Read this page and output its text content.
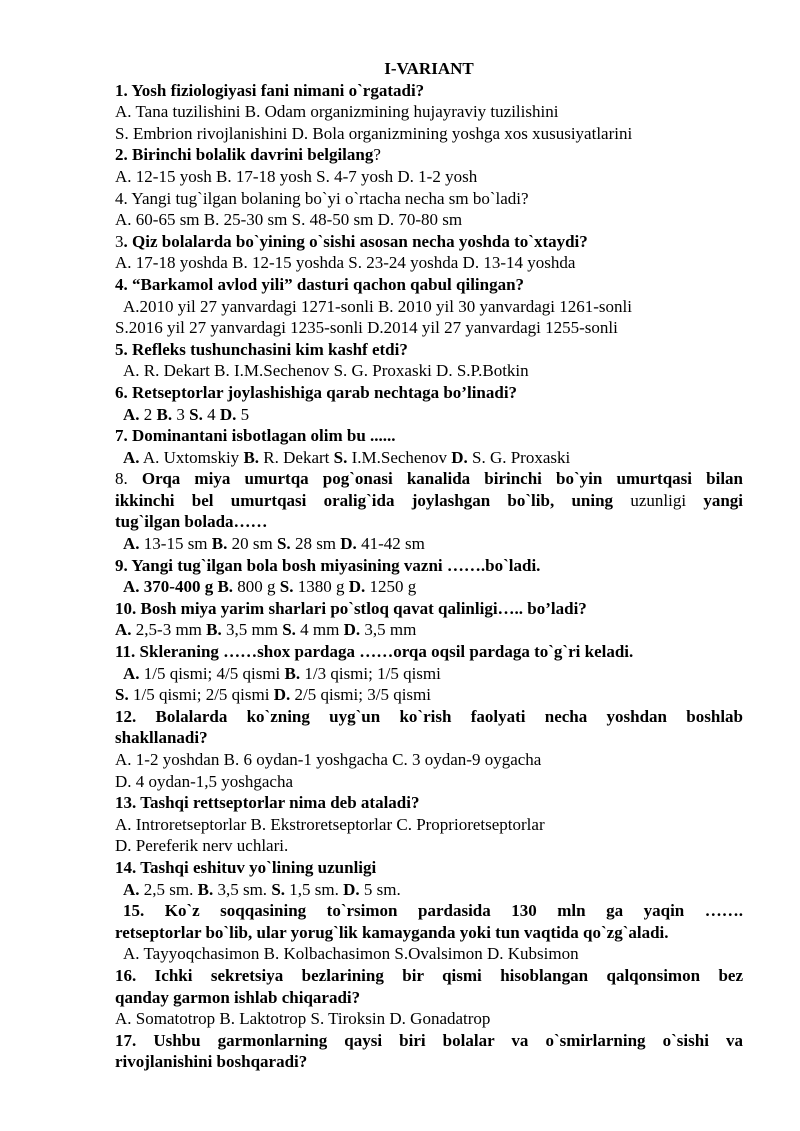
I-VARIANT
1. Yosh fiziologiyasi fani nimani o`rgatadi?
A. Tana tuzilishini B. Odam organizmining hujayraviy tuzilishini
S. Embrion rivojlanishini D. Bola organizmining yoshga xos xususiyatlarini
2. Birinchi bolalik davrini belgilang?
A. 12-15 yosh B. 17-18 yosh S. 4-7 yosh D. 1-2 yosh
4. Yangi tug`ilgan bolaning bo`yi o`rtacha necha sm bo`ladi?
A. 60-65 sm B. 25-30 sm S. 48-50 sm D. 70-80 sm
3. Qiz bolalarda bo`yining o`sishi asosan necha yoshda to`xtaydi?
A. 17-18 yoshda B. 12-15 yoshda S. 23-24 yoshda D. 13-14 yoshda
4. “Barkamol avlod yili” dasturi qachon qabul qilingan?
A.2010 yil 27 yanvardagi 1271-sonli B. 2010 yil 30 yanvardagi 1261-sonli
S.2016 yil 27 yanvardagi 1235-sonli D.2014 yil 27 yanvardagi 1255-sonli
5. Refleks tushunchasini kim kashf etdi?
A. R. Dekart B. I.M.Sechenov S. G. Proxaski D. S.P.Botkin
6. Retseptorlar joylashishiga qarab nechtaga bo’linadi?
A. 2 B. 3 S. 4 D. 5
7. Dominantani isbotlagan olim bu ......
A. A. Uxtomskiy B. R. Dekart S. I.M.Sechenov D. S. G. Proxaski
8. Orqa miya umurtqa pog`onasi kanalida birinchi bo`yin umurtqasi bilan
ikkinchi bel umurtqasi oralig`ida joylashgan bo`lib, uning uzunligi yangi
tug`ilgan bolada……
A. 13-15 sm B. 20 sm S. 28 sm D. 41-42 sm
9. Yangi tug`ilgan bola bosh miyasining vazni …….bo`ladi.
A. 370-400 g B. 800 g S. 1380 g D. 1250 g
10. Bosh miya yarim sharlari po`stloq qavat qalinligi….. bo’ladi?
A. 2,5-3 mm B. 3,5 mm S. 4 mm D. 3,5 mm
11. Skleraning ……shox pardaga ……orqa oqsil pardaga to`g`ri keladi.
A. 1/5 qismi; 4/5 qismi B. 1/3 qismi; 1/5 qismi
S. 1/5 qismi; 2/5 qismi D. 2/5 qismi; 3/5 qismi
12. Bolalarda ko`zning uyg`un ko`rish faolyati necha yoshdan boshlab
shakllanadi?
A. 1-2 yoshdan B. 6 oydan-1 yoshgacha C. 3 oydan-9 oygacha
D. 4 oydan-1,5 yoshgacha
13. Tashqi rettseptorlar nima deb ataladi?
A. Introretseptorlar B. Ekstroretseptorlar C. Proprioretseptorlar
D. Pereferik nerv uchlari.
14. Tashqi eshituv yo`lining uzunligi
A. 2,5 sm. B. 3,5 sm. S. 1,5 sm. D. 5 sm.
15. Ko`z soqqasining to`rsimon pardasida 130 mln ga yaqin …….
retseptorlar bo`lib, ular yorug`lik kamayganda yoki tun vaqtida qo`zg`aladi.
A. Tayyoqchasimon B. Kolbachasimon S.Ovalsimon D. Kubsimon
16. Ichki sekretsiya bezlarining bir qismi hisoblangan qalqonsimon bez
qanday garmon ishlab chiqaradi?
A. Somatotrop B. Laktotrop S. Tiroksin D. Gonadatrop
17. Ushbu garmonlarning qaysi biri bolalar va o`smirlarning o`sishi va
rivojlanishini boshqaradi?
